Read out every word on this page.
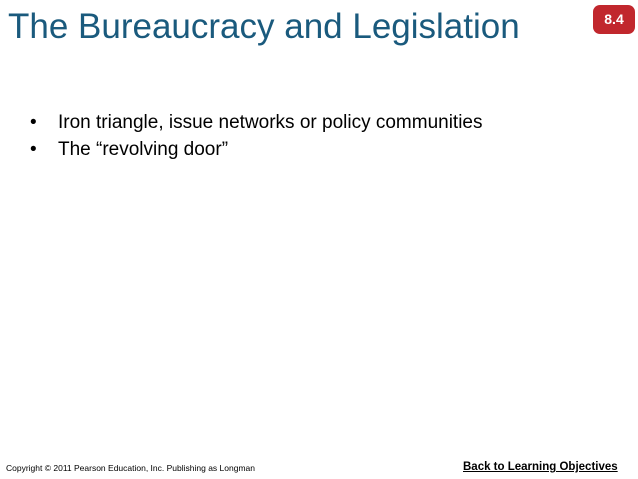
The Bureaucracy and Legislation	8.4
• Iron triangle, issue networks or policy communities
• The “revolving door”
Copyright © 2011 Pearson Education, Inc. Publishing as Longman	Back to Learning Objectives
